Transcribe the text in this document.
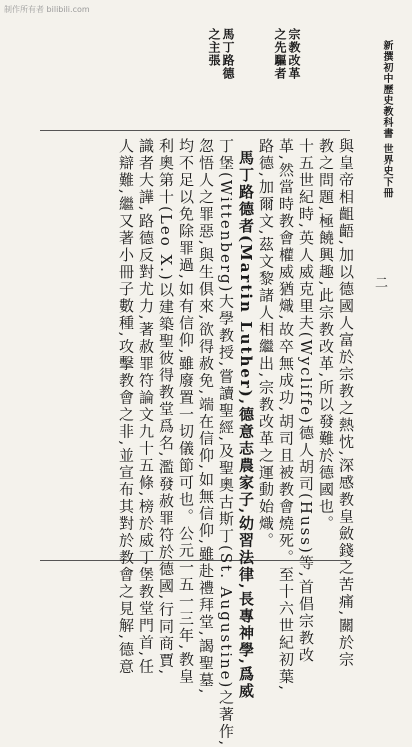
制作所有者 bilibili.com
新撰初中歷史教科書 世界史下冊
二
宗教改革
之先驅者
馬丁路德
之主張
與皇帝相齟齬,加以德國人富於宗教之熱忱,深感教皇斂錢之苦痛,關於宗
教之問題,極饒興趣,此宗教改革,所以發難於德國也。
十五世紀時,英人威克里夫(Wycliffe)德人胡司(Huss)等,首倡宗教改
革,然當時教會權威猶熾,故卒無成功,胡司且被教會燒死。至十六世紀初葉,
路德,加爾文,茲文黎諸人相繼出,宗教改革之運動始熾。
馬丁路德者(Martin Luther),德意志農家子,幼習法律,長專神學,爲威
丁堡(Wittenberg)大學教授,嘗讀聖經,及聖奧古斯丁(St. Augustine)之著作,
忽悟人之罪惡,與生俱來,欲得赦免,端在信仰,如無信仰,雖赴禮拜堂,謁聖墓,
均不足以免除罪過,如有信仰,雖廢置一切儀節可也。公元一五一三年,教皇
利奧第十(Leo X.)以建築聖彼得教堂爲名,濫發赦罪符於德國,行同商賈,
識者大譁,路德反對尤力,著赦罪符論文九十五條,榜於威丁堡教堂門首,任
人辯難,繼又著小冊子數種,攻擊教會之非,並宣布其對於教會之見解,德意
